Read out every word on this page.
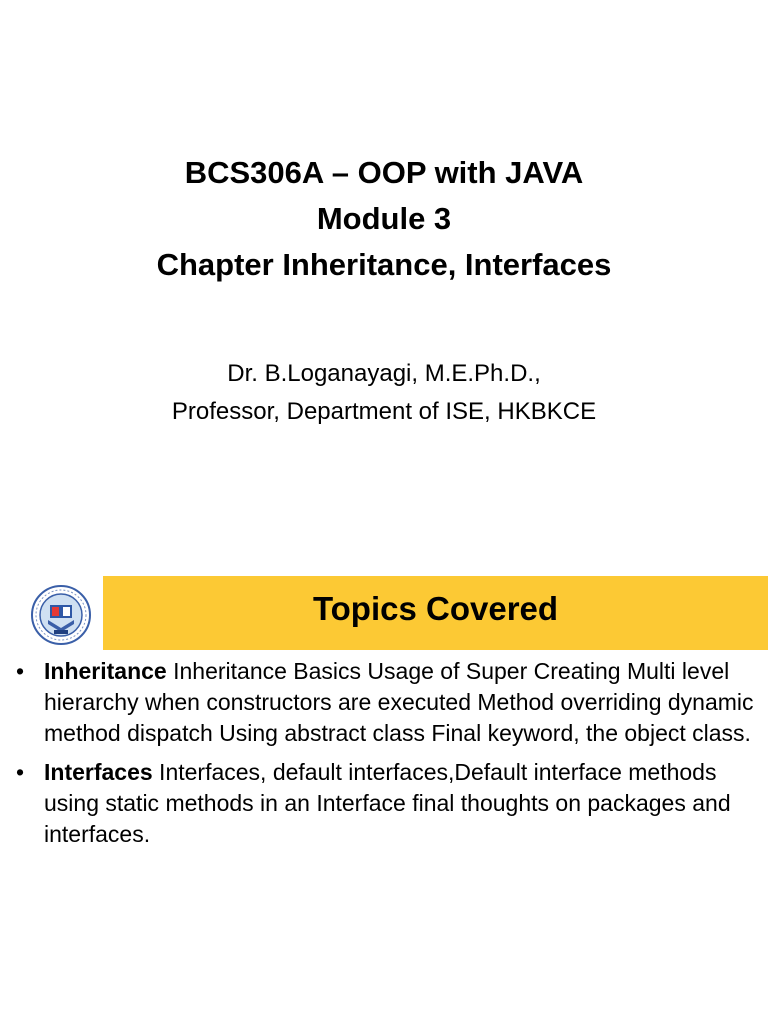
BCS306A – OOP with JAVA
Module 3
Chapter Inheritance, Interfaces
Dr. B.Loganayagi, M.E.Ph.D.,
Professor, Department of ISE, HKBKCE
Topics Covered
• Inheritance Inheritance Basics Usage of Super Creating Multi level hierarchy when constructors are executed Method overriding dynamic method dispatch Using abstract class Final keyword, the object class.
• Interfaces Interfaces, default interfaces,Default interface methods using static methods in an Interface final thoughts on packages and interfaces.
